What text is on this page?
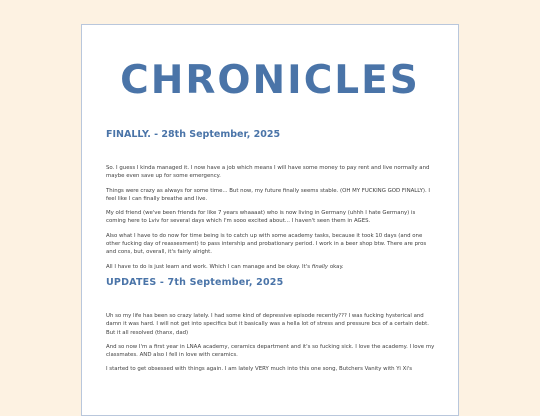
CHRONICLES
FINALLY. - 28th September, 2025

So. I guess I kinda managed it. I now have a job which means I will have some money to pay rent and live normally and maybe even save up for some emergency.

Things were crazy as always for some time... But now, my future finally seems stable. (OH MY FUCKING GOD FINALLY). I feel like I can finally breathe and live.

My old friend (we've been friends for like 7 years whaaaat) who is now living in Germany (uhhh I hate Germany) is coming here to Lviv for several days which I'm sooo excited about... I haven't seen them in AGES.

Also what I have to do now for time being is to catch up with some academy tasks, because it took 10 days (and one other fucking day of reassesment) to pass intership and probationary period. I work in a beer shop btw. There are pros and cons, but, overall, it's fairly alright.

All I have to do is just learn and work. Which I can manage and be okay. It's finally okay.

UPDATES - 7th September, 2025

Uh so my life has been so crazy lately. I had some kind of depressive episode recently??? I was fucking hysterical and damn it was hard. I will not get into specifics but it basically was a hella lot of stress and pressure bcs of a certain debt. But it all resolved (thanx, dad)

And so now I'm a first year in LNAA academy, ceramics department and it's so fucking sick. I love the academy. I love my classmates. AND also I fell in love with ceramics.

I started to get obsessed with things again. I am lately VERY much into this one song, Butchers Vanity with Yi Xi's
